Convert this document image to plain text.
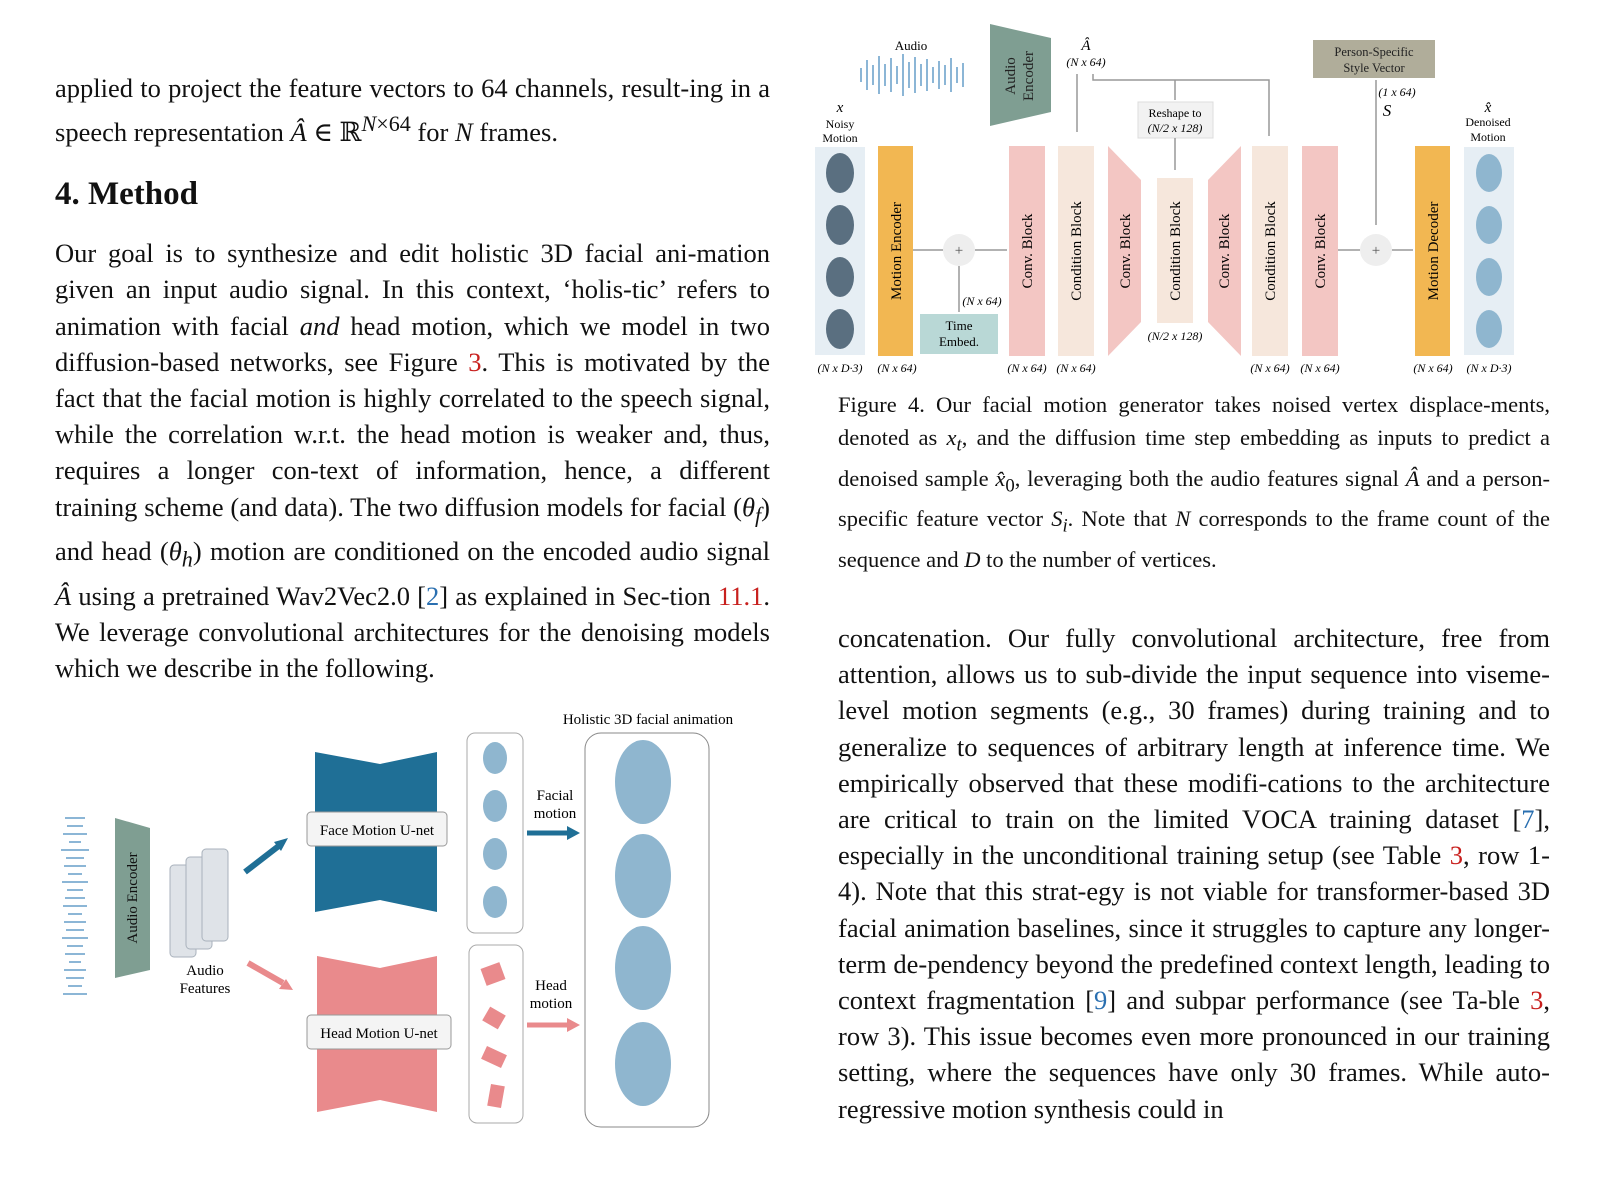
applied to project the feature vectors to 64 channels, result-ing in a speech representation Â ∈ ℝ$^{N\times 64}$ for N frames.

4. Method

Our goal is to synthesize and edit holistic 3D facial ani-mation given an input audio signal. In this context, ‘holis-tic’ refers to animation with facial and head motion, which we model in two diffusion-based networks, see Figure 3. This is motivated by the fact that the facial motion is highly correlated to the speech signal, while the correlation w.r.t. the head motion is weaker and, thus, requires a longer con-text of information, hence, a different training scheme (and data). The two diffusion models for facial $(\theta_f)$ and head $(\theta_h)$ motion are conditioned on the encoded audio signal Â using a pretrained Wav2Vec2.0 [2] as explained in Sec-tion 11.1. We leverage convolutional architectures for the denoising models which we describe in the following.

Audio Encoder
Audio
Features
Face Motion U-net
Head Motion U-net
Facial
motion
Head
motion
Holistic 3D facial animation
Audio
Audio Encoder
Â
(N x 64)
Reshape to
(N/2 x 128)
Person-Specific
Style Vector
(1 x 64)
S
x
Noisy
Motion
Motion Encoder	+
(N x 64)
Time
Embed.
Conv. Block Condition Block Conv. Block Condition Block
(N/2 x 128)
Conv. Block Condition Block Conv. Block	+	Motion Decoder
x̂
Denoised
Motion
(N x D·3) (N x 64)	(N x 64) (N x 64)	(N x 64) (N x 64)	(N x 64) (N x D·3)

Figure 4. Our facial motion generator takes noised vertex displace-ments, denoted as $x_t$, and the diffusion time step embedding as inputs to predict a denoised sample $x̂_0$, leveraging both the audio features signal Â and a person-specific feature vector $S_i$. Note that N corresponds to the frame count of the sequence and D to the number of vertices.

concatenation. Our fully convolutional architecture, free from attention, allows us to sub-divide the input sequence into viseme-level motion segments (e.g., 30 frames) during training and to generalize to sequences of arbitrary length at inference time. We empirically observed that these modifi-cations to the architecture are critical to train on the limited VOCA training dataset [7], especially in the unconditional training setup (see Table 3, row 1-4). Note that this strat-egy is not viable for transformer-based 3D facial animation baselines, since it struggles to capture any longer-term de-pendency beyond the predefined context length, leading to context fragmentation [9] and subpar performance (see Ta-ble 3, row 3). This issue becomes even more pronounced in our training setting, where the sequences have only 30 frames. While auto-regressive motion synthesis could in
